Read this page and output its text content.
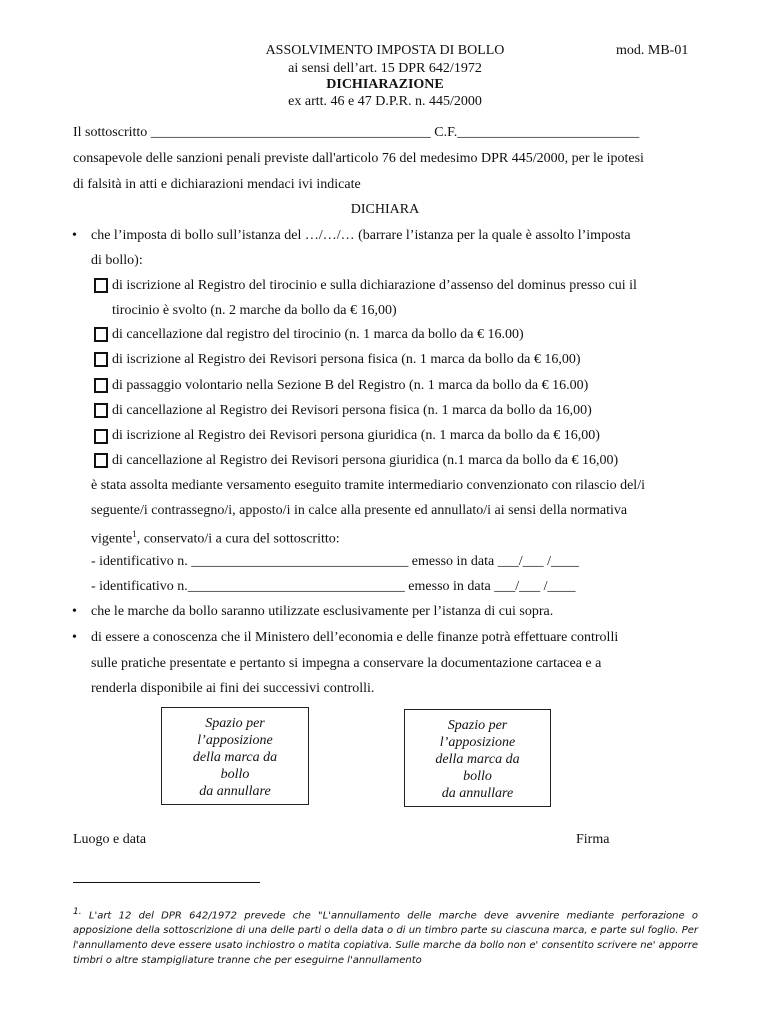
ASSOLVIMENTO IMPOSTA DI BOLLO	mod. MB-01
ai sensi dell’art. 15 DPR 642/1972
DICHIARAZIONE
ex artt. 46 e 47 D.P.R. n. 445/2000
Il sottoscritto ________________________________________ C.F.__________________________
consapevole delle sanzioni penali previste dall'articolo 76 del medesimo DPR 445/2000, per le ipotesi
di falsità in atti e dichiarazioni mendaci ivi indicate
DICHIARA
• che l’imposta di bollo sull’istanza del …/…/… (barrare l’istanza per la quale è assolto l’imposta
di bollo):
di iscrizione al Registro del tirocinio e sulla dichiarazione d’assenso del dominus presso cui il
tirocinio è svolto (n. 2 marche da bollo da € 16,00)
di cancellazione dal registro del tirocinio (n. 1 marca da bollo da € 16.00)
di iscrizione al Registro dei Revisori persona fisica (n. 1 marca da bollo da € 16,00)
di passaggio volontario nella Sezione B del Registro (n. 1 marca da bollo da € 16.00)
di cancellazione al Registro dei Revisori persona fisica (n. 1 marca da bollo da 16,00)
di iscrizione al Registro dei Revisori persona giuridica (n. 1 marca da bollo da € 16,00)
di cancellazione al Registro dei Revisori persona giuridica (n.1 marca da bollo da € 16,00)
è stata assolta mediante versamento eseguito tramite intermediario convenzionato con rilascio del/i
seguente/i contrassegno/i, apposto/i in calce alla presente ed annullato/i ai sensi della normativa
vigente$^1$, conservato/i a cura del sottoscritto:
- identificativo n. _______________________________ emesso in data ___/___ /____
- identificativo n._______________________________ emesso in data ___/___ /____
• che le marche da bollo saranno utilizzate esclusivamente per l’istanza di cui sopra.
• di essere a conoscenza che il Ministero dell’economia e delle finanze potrà effettuare controlli
sulle pratiche presentate e pertanto si impegna a conservare la documentazione cartacea e a
renderla disponibile ai fini dei successivi controlli.
Spazio per
l’apposizione
della marca da
bollo
da annullare
Spazio per
l’apposizione
della marca da
bollo
da annullare
Luogo e data	Firma
$^{1.}$ L'art 12 del DPR 642/1972 prevede che "L'annullamento delle marche deve avvenire mediante perforazione o apposizione della sottoscrizione di una delle parti o della data o di un timbro parte su ciascuna marca, e parte sul foglio. Per l'annullamento deve essere usato inchiostro o matita copiativa. Sulle marche da bollo non e' consentito scrivere ne' apporre timbri o altre stampigliature tranne che per eseguirne l'annullamento
